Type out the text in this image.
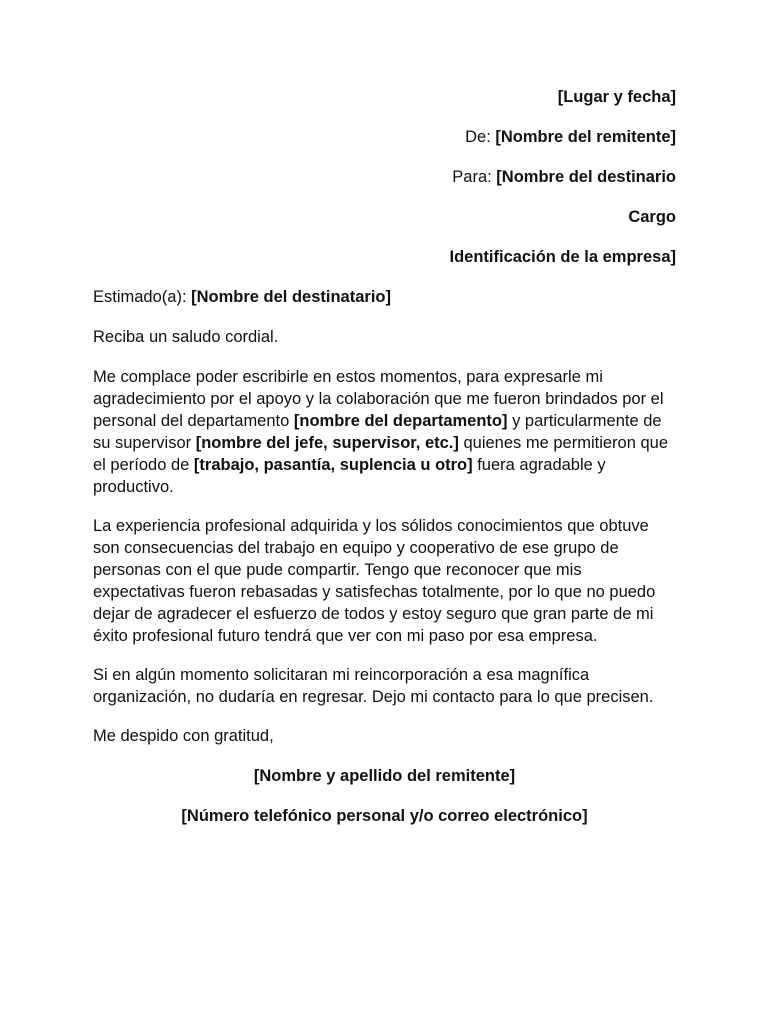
[Lugar y fecha]
De: [Nombre del remitente]
Para: [Nombre del destinario
Cargo
Identificación de la empresa]
Estimado(a): [Nombre del destinatario]
Reciba un saludo cordial.

Me complace poder escribirle en estos momentos, para expresarle mi agradecimiento por el apoyo y la colaboración que me fueron brindados por el personal del departamento [nombre del departamento] y particularmente de su supervisor [nombre del jefe, supervisor, etc.] quienes me permitieron que el período de [trabajo, pasantía, suplencia u otro] fuera agradable y productivo.

La experiencia profesional adquirida y los sólidos conocimientos que obtuve son consecuencias del trabajo en equipo y cooperativo de ese grupo de personas con el que pude compartir. Tengo que reconocer que mis expectativas fueron rebasadas y satisfechas totalmente, por lo que no puedo dejar de agradecer el esfuerzo de todos y estoy seguro que gran parte de mi éxito profesional futuro tendrá que ver con mi paso por esa empresa.

Si en algún momento solicitaran mi reincorporación a esa magnífica organización, no dudaría en regresar. Dejo mi contacto para lo que precisen.

Me despido con gratitud,
[Nombre y apellido del remitente]
[Número telefónico personal y/o correo electrónico]
